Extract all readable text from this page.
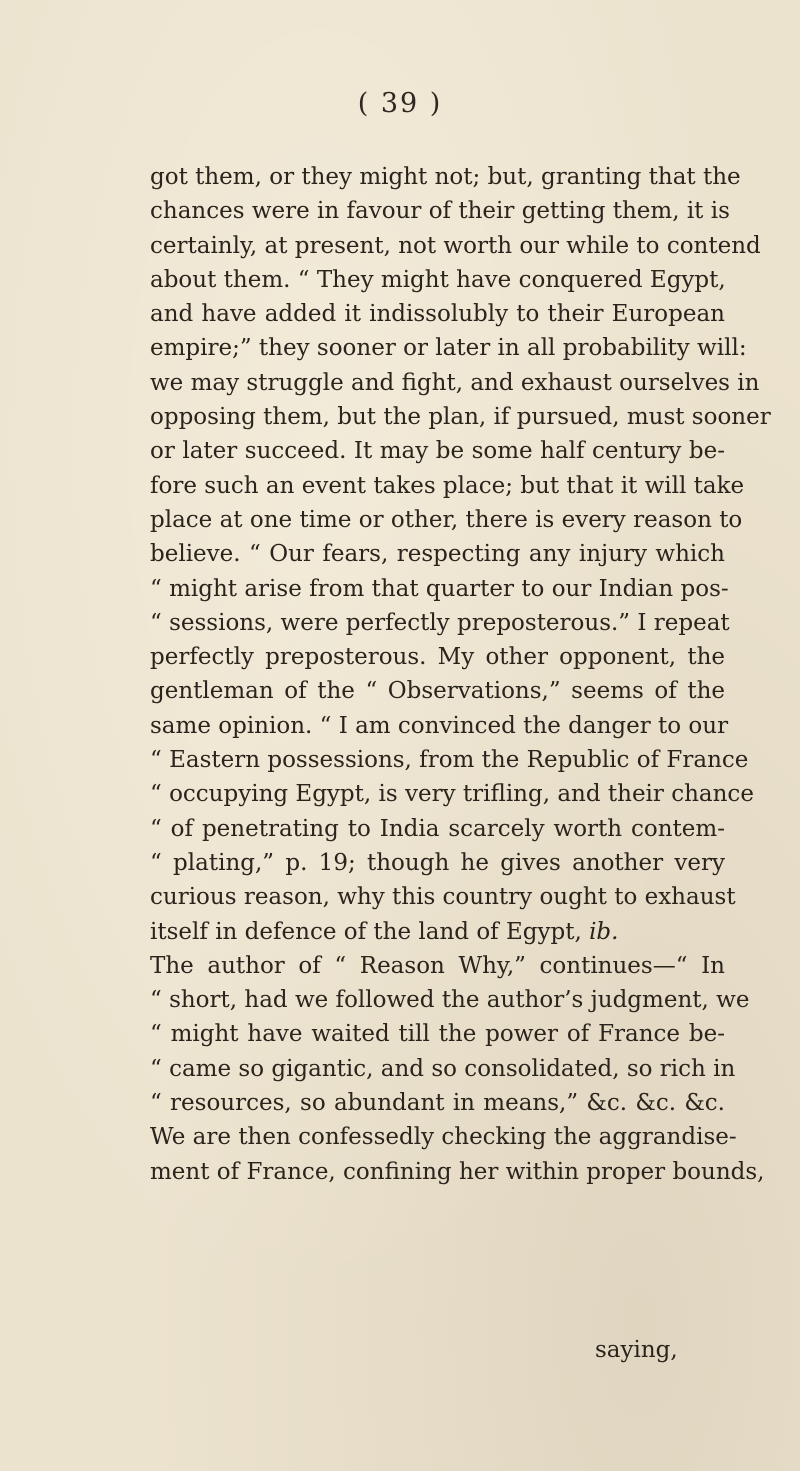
( 39 )
got them, or they might not; but, granting that the
chances were in favour of their getting them, it is
certainly, at present, not worth our while to contend
about them. “ They might have conquered Egypt,
and have added it indissolubly to their European
empire;” they sooner or later in all probability will:
we may struggle and fight, and exhaust ourselves in
opposing them, but the plan, if pursued, must sooner
or later succeed. It may be some half century be-
fore such an event takes place; but that it will take
place at one time or other, there is every reason to
believe. “ Our fears, respecting any injury which
“ might arise from that quarter to our Indian pos-
“ sessions, were perfectly preposterous.” I repeat
perfectly preposterous. My other opponent, the
gentleman of the “ Observations,” seems of the
same opinion. “ I am convinced the danger to our
“ Eastern possessions, from the Republic of France
“ occupying Egypt, is very trifling, and their chance
“ of penetrating to India scarcely worth contem-
“ plating,” p. 19; though he gives another very
curious reason, why this country ought to exhaust
itself in defence of the land of Egypt, ib.
The author of “ Reason Why,” continues—“ In
“ short, had we followed the author’s judgment, we
“ might have waited till the power of France be-
“ came so gigantic, and so consolidated, so rich in
“ resources, so abundant in means,” &c. &c. &c.
We are then confessedly checking the aggrandise-
ment of France, confining her within proper bounds,
saying,
